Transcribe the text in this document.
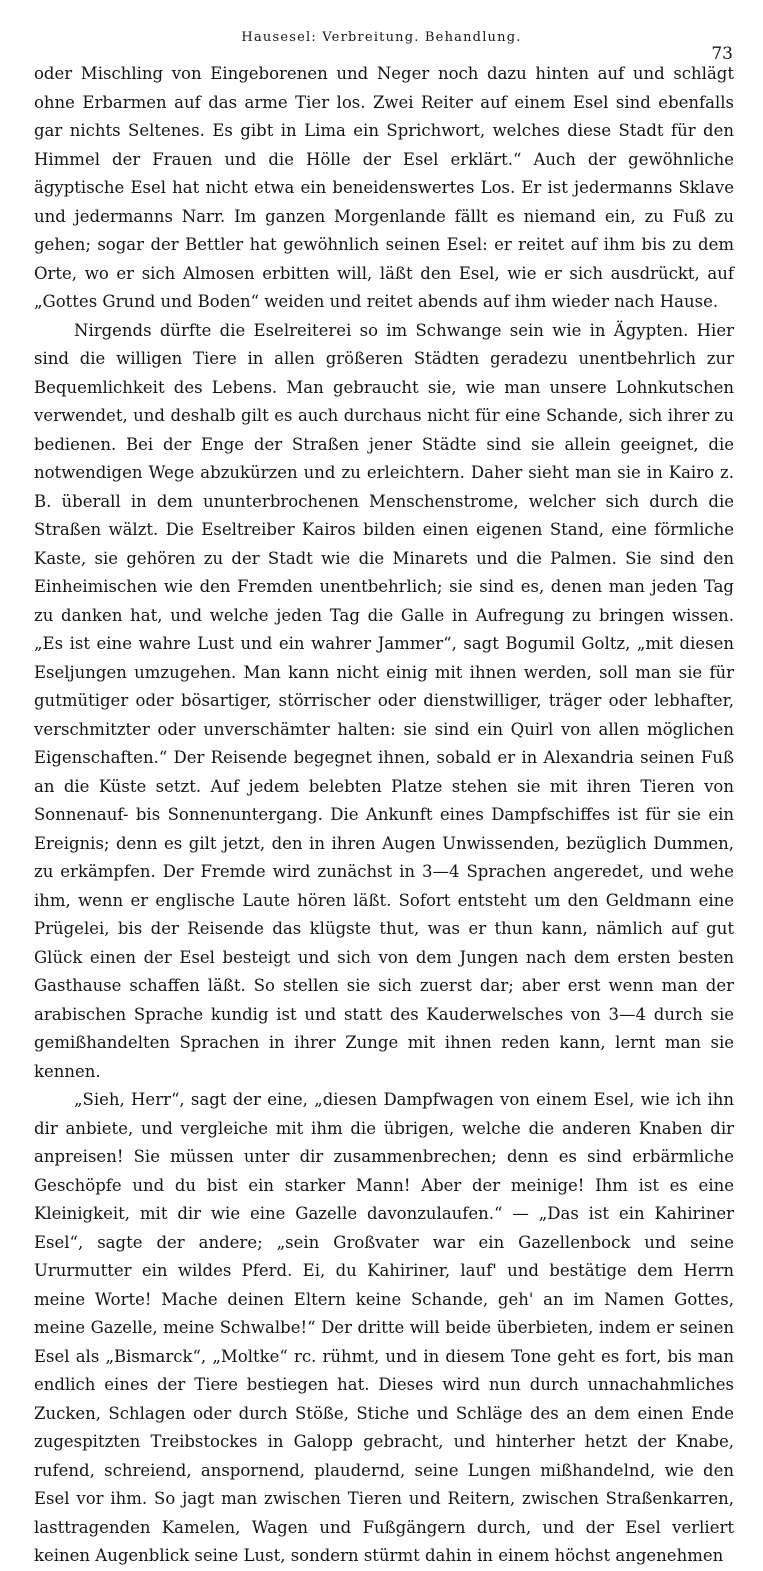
Hausesel: Verbreitung. Behandlung.
73

oder Mischling von Eingeborenen und Neger noch dazu hinten auf und schlägt ohne Erbarmen auf das arme Tier los. Zwei Reiter auf einem Esel sind ebenfalls gar nichts Seltenes. Es gibt in Lima ein Sprichwort, welches diese Stadt für den Himmel der Frauen und die Hölle der Esel erklärt.“ Auch der gewöhnliche ägyptische Esel hat nicht etwa ein beneidenswertes Los. Er ist jedermanns Sklave und jedermanns Narr. Im ganzen Morgenlande fällt es niemand ein, zu Fuß zu gehen; sogar der Bettler hat gewöhnlich seinen Esel: er reitet auf ihm bis zu dem Orte, wo er sich Almosen erbitten will, läßt den Esel, wie er sich ausdrückt, auf „Gottes Grund und Boden“ weiden und reitet abends auf ihm wieder nach Hause.

Nirgends dürfte die Eselreiterei so im Schwange sein wie in Ägypten. Hier sind die willigen Tiere in allen größeren Städten geradezu unentbehrlich zur Bequemlichkeit des Lebens. Man gebraucht sie, wie man unsere Lohnkutschen verwendet, und deshalb gilt es auch durchaus nicht für eine Schande, sich ihrer zu bedienen. Bei der Enge der Straßen jener Städte sind sie allein geeignet, die notwendigen Wege abzukürzen und zu erleichtern. Daher sieht man sie in Kairo z. B. überall in dem ununterbrochenen Menschenstrome, welcher sich durch die Straßen wälzt. Die Eseltreiber Kairos bilden einen eigenen Stand, eine förmliche Kaste, sie gehören zu der Stadt wie die Minarets und die Palmen. Sie sind den Einheimischen wie den Fremden unentbehrlich; sie sind es, denen man jeden Tag zu danken hat, und welche jeden Tag die Galle in Aufregung zu bringen wissen. „Es ist eine wahre Lust und ein wahrer Jammer“, sagt Bogumil Goltz, „mit diesen Eseljungen umzugehen. Man kann nicht einig mit ihnen werden, soll man sie für gutmütiger oder bösartiger, störrischer oder dienstwilliger, träger oder lebhafter, verschmitzter oder unverschämter halten: sie sind ein Quirl von allen möglichen Eigenschaften.“ Der Reisende begegnet ihnen, sobald er in Alexandria seinen Fuß an die Küste setzt. Auf jedem belebten Platze stehen sie mit ihren Tieren von Sonnenauf- bis Sonnenuntergang. Die Ankunft eines Dampfschiffes ist für sie ein Ereignis; denn es gilt jetzt, den in ihren Augen Unwissenden, bezüglich Dummen, zu erkämpfen. Der Fremde wird zunächst in 3—4 Sprachen angeredet, und wehe ihm, wenn er englische Laute hören läßt. Sofort entsteht um den Geldmann eine Prügelei, bis der Reisende das klügste thut, was er thun kann, nämlich auf gut Glück einen der Esel besteigt und sich von dem Jungen nach dem ersten besten Gasthause schaffen läßt. So stellen sie sich zuerst dar; aber erst wenn man der arabischen Sprache kundig ist und statt des Kauderwelsches von 3—4 durch sie gemißhandelten Sprachen in ihrer Zunge mit ihnen reden kann, lernt man sie kennen.

„Sieh, Herr“, sagt der eine, „diesen Dampfwagen von einem Esel, wie ich ihn dir anbiete, und vergleiche mit ihm die übrigen, welche die anderen Knaben dir anpreisen! Sie müssen unter dir zusammenbrechen; denn es sind erbärmliche Geschöpfe und du bist ein starker Mann! Aber der meinige! Ihm ist es eine Kleinigkeit, mit dir wie eine Gazelle davonzulaufen.“ — „Das ist ein Kahiriner Esel“, sagte der andere; „sein Großvater war ein Gazellenbock und seine Ururmutter ein wildes Pferd. Ei, du Kahiriner, lauf' und bestätige dem Herrn meine Worte! Mache deinen Eltern keine Schande, geh' an im Namen Gottes, meine Gazelle, meine Schwalbe!“ Der dritte will beide überbieten, indem er seinen Esel als „Bismarck“, „Moltke“ rc. rühmt, und in diesem Tone geht es fort, bis man endlich eines der Tiere bestiegen hat. Dieses wird nun durch unnachahmliches Zucken, Schlagen oder durch Stöße, Stiche und Schläge des an dem einen Ende zugespitzten Treibstockes in Galopp gebracht, und hinterher hetzt der Knabe, rufend, schreiend, anspornend, plaudernd, seine Lungen mißhandelnd, wie den Esel vor ihm. So jagt man zwischen Tieren und Reitern, zwischen Straßenkarren, lasttragenden Kamelen, Wagen und Fußgängern durch, und der Esel verliert keinen Augenblick seine Lust, sondern stürmt dahin in einem höchst angenehmen
